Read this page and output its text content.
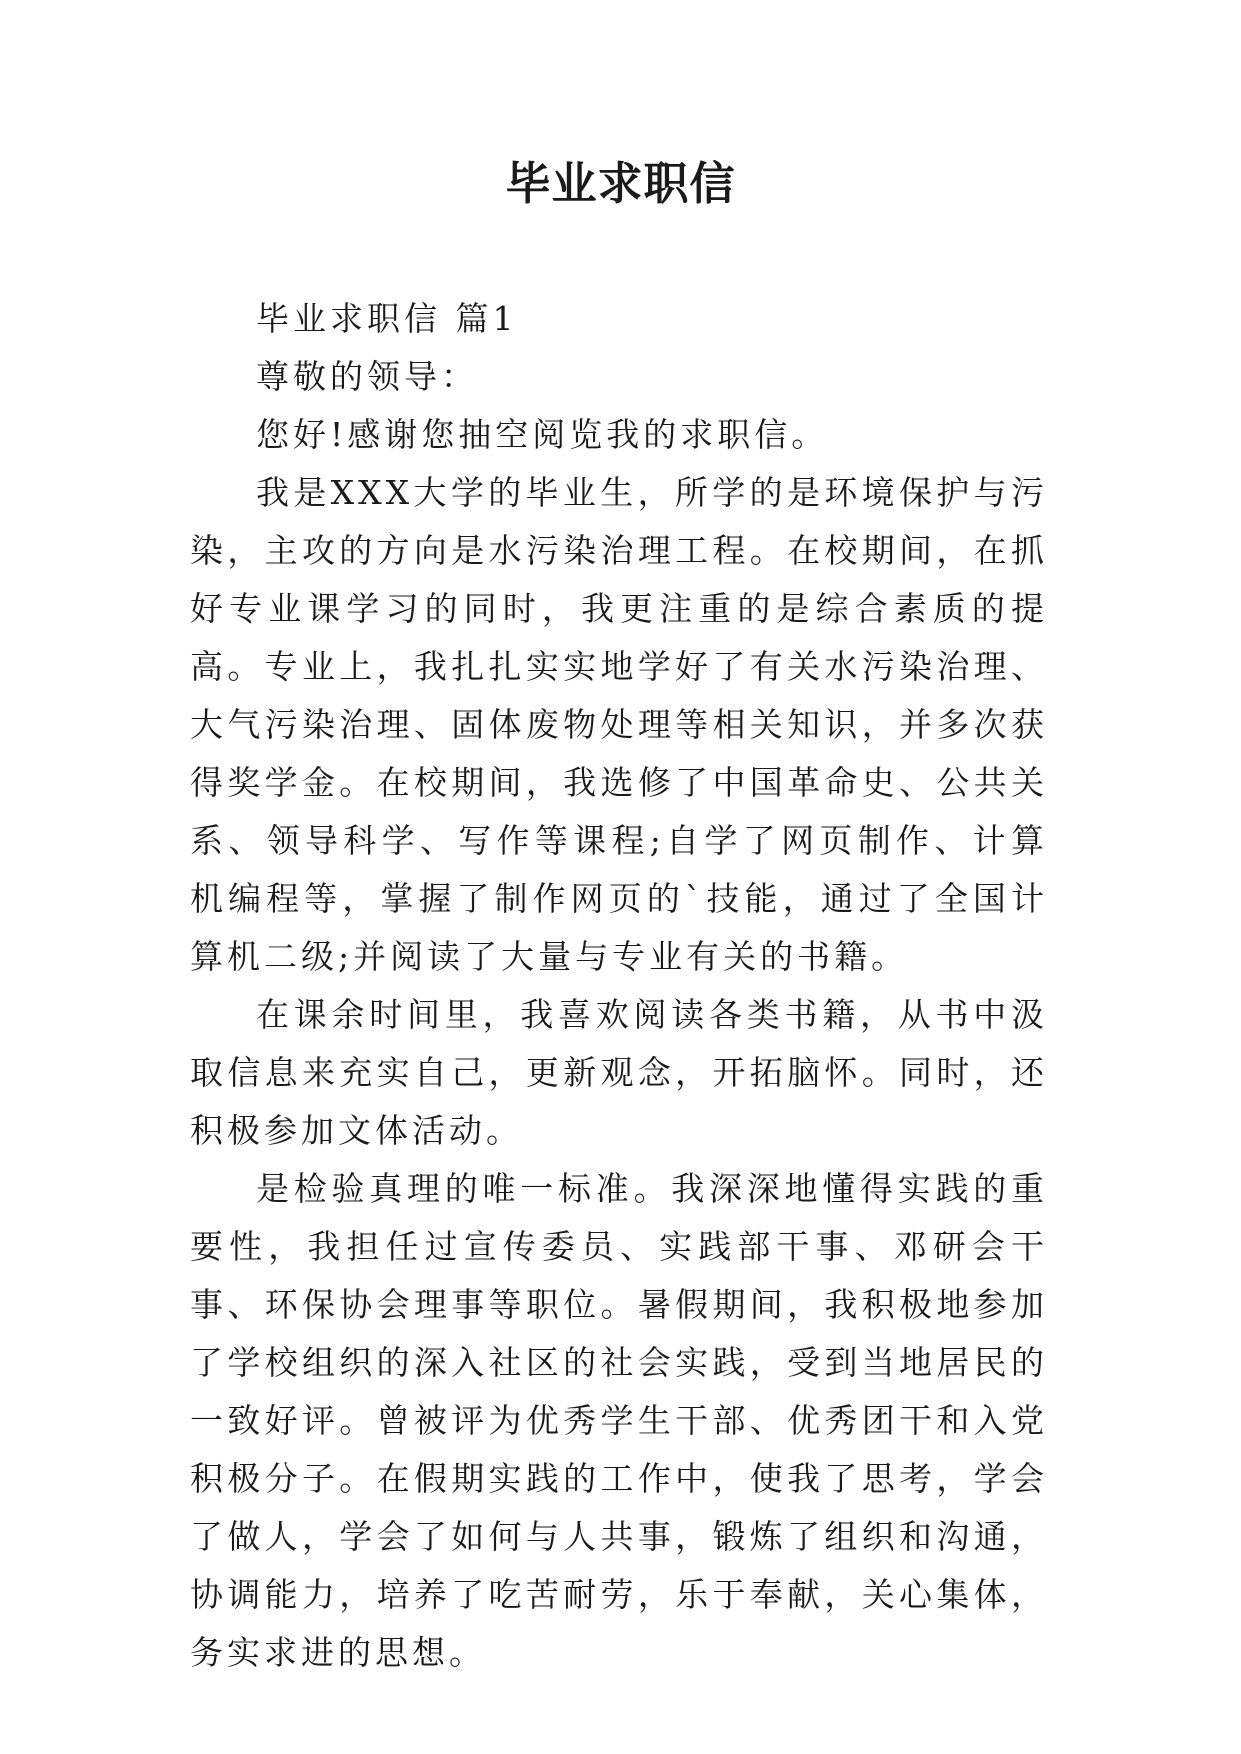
毕业求职信

毕业求职信 篇1

尊敬的领导：

您好!感谢您抽空阅览我的求职信。

我是XXX大学的毕业生，所学的是环境保护与污染，主攻的方向是水污染治理工程。在校期间，在抓好专业课学习的同时，我更注重的是综合素质的提高。专业上，我扎扎实实地学好了有关水污染治理、大气污染治理、固体废物处理等相关知识，并多次获得奖学金。在校期间，我选修了中国革命史、公共关系、领导科学、写作等课程;自学了网页制作、计算机编程等，掌握了制作网页的`技能，通过了全国计算机二级;并阅读了大量与专业有关的书籍。

在课余时间里，我喜欢阅读各类书籍，从书中汲取信息来充实自己，更新观念，开拓脑怀。同时，还积极参加文体活动。

是检验真理的唯一标准。我深深地懂得实践的重要性，我担任过宣传委员、实践部干事、邓研会干事、环保协会理事等职位。暑假期间，我积极地参加了学校组织的深入社区的社会实践，受到当地居民的一致好评。曾被评为优秀学生干部、优秀团干和入党积极分子。在假期实践的工作中，使我了思考，学会了做人，学会了如何与人共事，锻炼了组织和沟通，协调能力，培养了吃苦耐劳，乐于奉献，关心集体，务实求进的思想。
